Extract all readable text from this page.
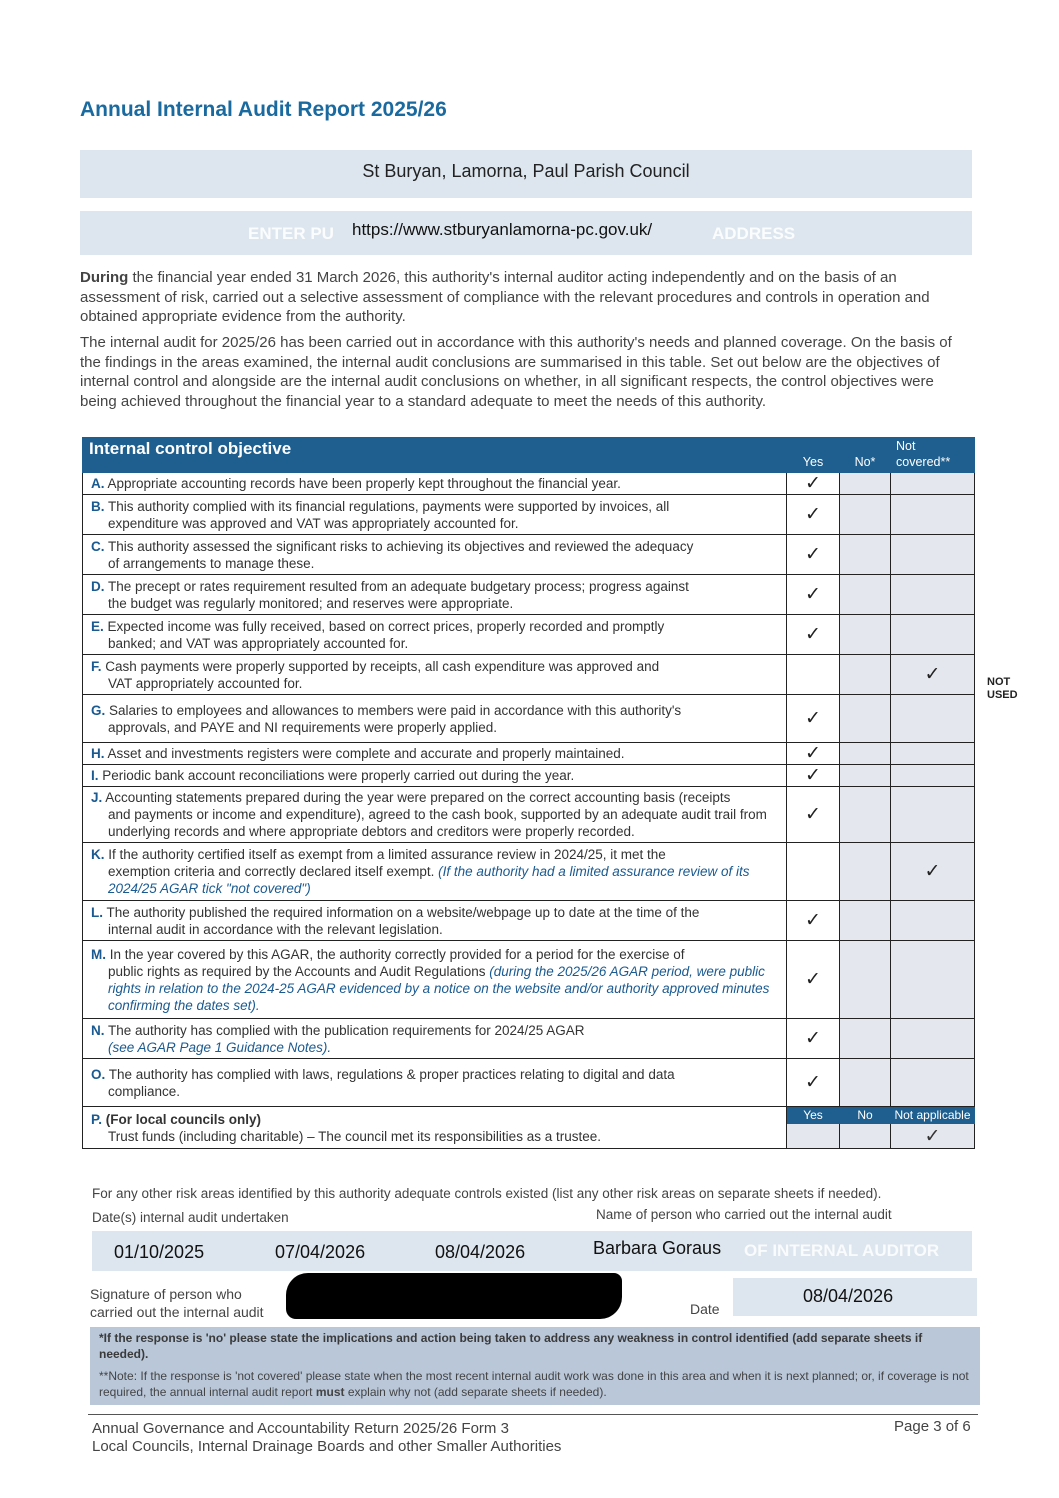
Annual Internal Audit Report 2025/26
St Buryan, Lamorna, Paul Parish Council
ENTER PU https://www.stburyanlamorna-pc.gov.uk/	ADDRESS
During the financial year ended 31 March 2026, this authority's internal auditor acting independently and on the basis of an assessment of risk, carried out a selective assessment of compliance with the relevant procedures and controls in operation and obtained appropriate evidence from the authority.
The internal audit for 2025/26 has been carried out in accordance with this authority's needs and planned coverage. On the basis of the findings in the areas examined, the internal audit conclusions are summarised in this table. Set out below are the objectives of internal control and alongside are the internal audit conclusions on whether, in all significant respects, the control objectives were being achieved throughout the financial year to a standard adequate to meet the needs of this authority.
Internal control objective	Yes	No*	Not
covered**
A. Appropriate accounting records have been properly kept throughout the financial year.	✓		
B. This authority complied with its financial regulations, payments were supported by invoices, all
expenditure was approved and VAT was appropriately accounted for.	✓		
C. This authority assessed the significant risks to achieving its objectives and reviewed the adequacy
of arrangements to manage these.	✓		
D. The precept or rates requirement resulted from an adequate budgetary process; progress against
the budget was regularly monitored; and reserves were appropriate.	✓		
E. Expected income was fully received, based on correct prices, properly recorded and promptly
banked; and VAT was appropriately accounted for.	✓		
F. Cash payments were properly supported by receipts, all cash expenditure was approved and
VAT appropriately accounted for.			✓
G. Salaries to employees and allowances to members were paid in accordance with this authority's
approvals, and PAYE and NI requirements were properly applied.	✓		
H. Asset and investments registers were complete and accurate and properly maintained.	✓		
I. Periodic bank account reconciliations were properly carried out during the year.	✓		
J. Accounting statements prepared during the year were prepared on the correct accounting basis (receipts
and payments or income and expenditure), agreed to the cash book, supported by an adequate audit trail from underlying records and where appropriate debtors and creditors were properly recorded.	✓		
K. If the authority certified itself as exempt from a limited assurance review in 2024/25, it met the
exemption criteria and correctly declared itself exempt. (If the authority had a limited assurance review of its 2024/25 AGAR tick "not covered")			✓
L. The authority published the required information on a website/webpage up to date at the time of the
internal audit in accordance with the relevant legislation.	✓		
M. In the year covered by this AGAR, the authority correctly provided for a period for the exercise of
public rights as required by the Accounts and Audit Regulations (during the 2025/26 AGAR period, were public rights in relation to the 2024-25 AGAR evidenced by a notice on the website and/or authority approved minutes confirming the dates set).	✓		
N. The authority has complied with the publication requirements for 2024/25 AGAR
(see AGAR Page 1 Guidance Notes).	✓		
O. The authority has complied with laws, regulations & proper practices relating to digital and data
compliance.	✓		
P. (For local councils only)
Trust funds (including charitable) – The council met its responsibilities as a trustee.	Yes	No	Not applicable
			✓
NOT
USED
For any other risk areas identified by this authority adequate controls existed (list any other risk areas on separate sheets if needed).
Date(s) internal audit undertaken	Name of person who carried out the internal audit
01/10/2025	07/04/2026	08/04/2026	Barbara Goraus OF INTERNAL AUDITOR
Signature of person who
carried out the internal audit	Date
08/04/2026
*If the response is 'no' please state the implications and action being taken to address any weakness in control identified (add separate sheets if needed).
**Note: If the response is 'not covered' please state when the most recent internal audit work was done in this area and when it is next planned; or, if coverage is not required, the annual internal audit report must explain why not (add separate sheets if needed).
Annual Governance and Accountability Return 2025/26 Form 3
Local Councils, Internal Drainage Boards and other Smaller Authorities
Page 3 of 6
